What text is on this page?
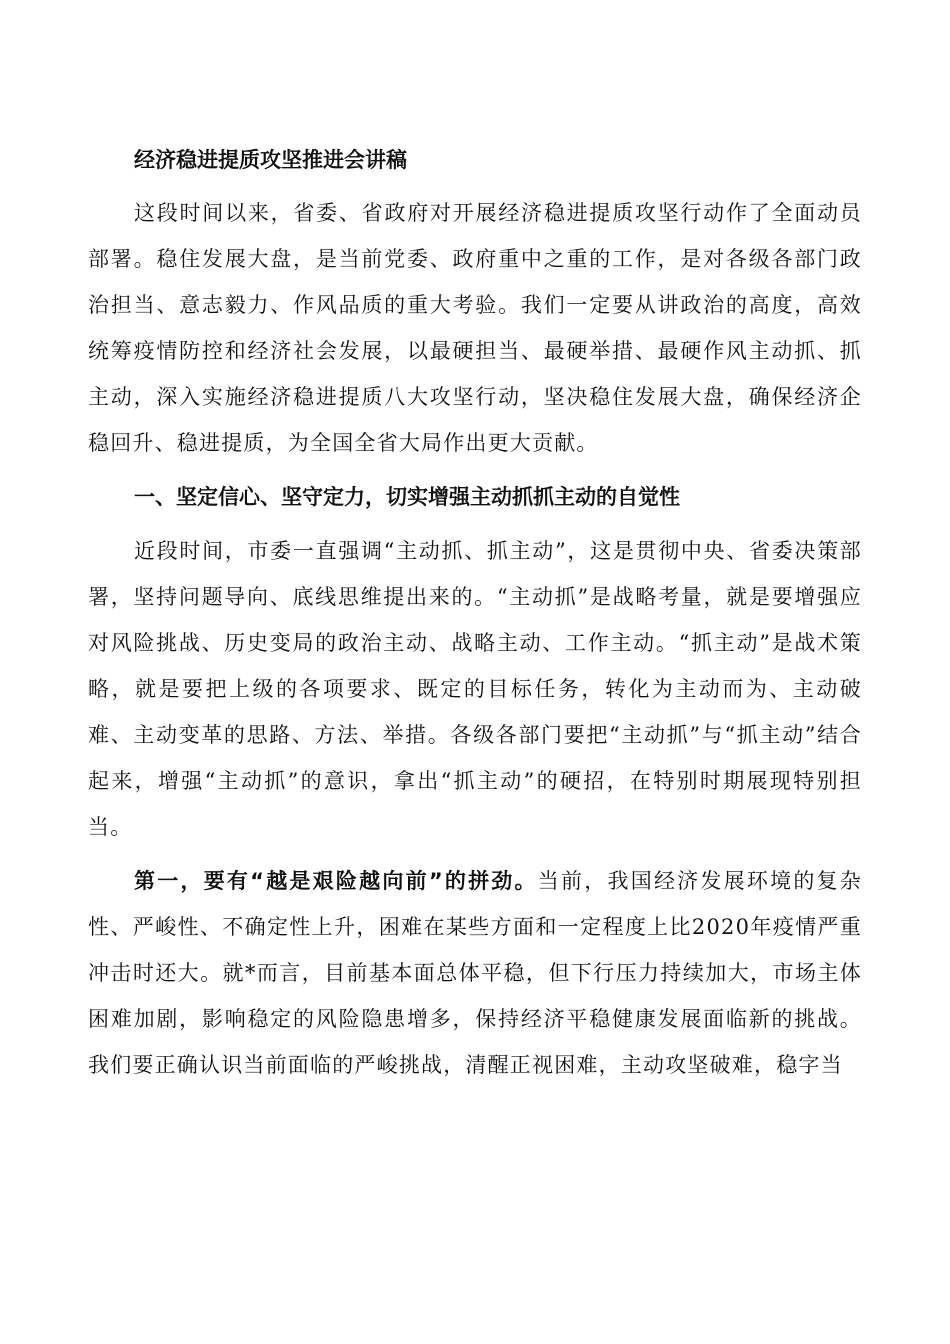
经济稳进提质攻坚推进会讲稿

这段时间以来，省委、省政府对开展经济稳进提质攻坚行动作了全面动员部署。稳住发展大盘，是当前党委、政府重中之重的工作，是对各级各部门政治担当、意志毅力、作风品质的重大考验。我们一定要从讲政治的高度，高效统筹疫情防控和经济社会发展，以最硬担当、最硬举措、最硬作风主动抓、抓主动，深入实施经济稳进提质八大攻坚行动，坚决稳住发展大盘，确保经济企稳回升、稳进提质，为全国全省大局作出更大贡献。

一、坚定信心、坚守定力，切实增强主动抓抓主动的自觉性

近段时间，市委一直强调“主动抓、抓主动”，这是贯彻中央、省委决策部署，坚持问题导向、底线思维提出来的。“主动抓”是战略考量，就是要增强应对风险挑战、历史变局的政治主动、战略主动、工作主动。“抓主动”是战术策略，就是要把上级的各项要求、既定的目标任务，转化为主动而为、主动破难、主动变革的思路、方法、举措。各级各部门要把“主动抓”与“抓主动”结合起来，增强“主动抓”的意识，拿出“抓主动”的硬招，在特别时期展现特别担当。

第一，要有“越是艰险越向前”的拼劲。当前，我国经济发展环境的复杂性、严峻性、不确定性上升，困难在某些方面和一定程度上比2020年疫情严重冲击时还大。就*而言，目前基本面总体平稳，但下行压力持续加大，市场主体困难加剧，影响稳定的风险隐患增多，保持经济平稳健康发展面临新的挑战。我们要正确认识当前面临的严峻挑战，清醒正视困难，主动攻坚破难，稳字当
